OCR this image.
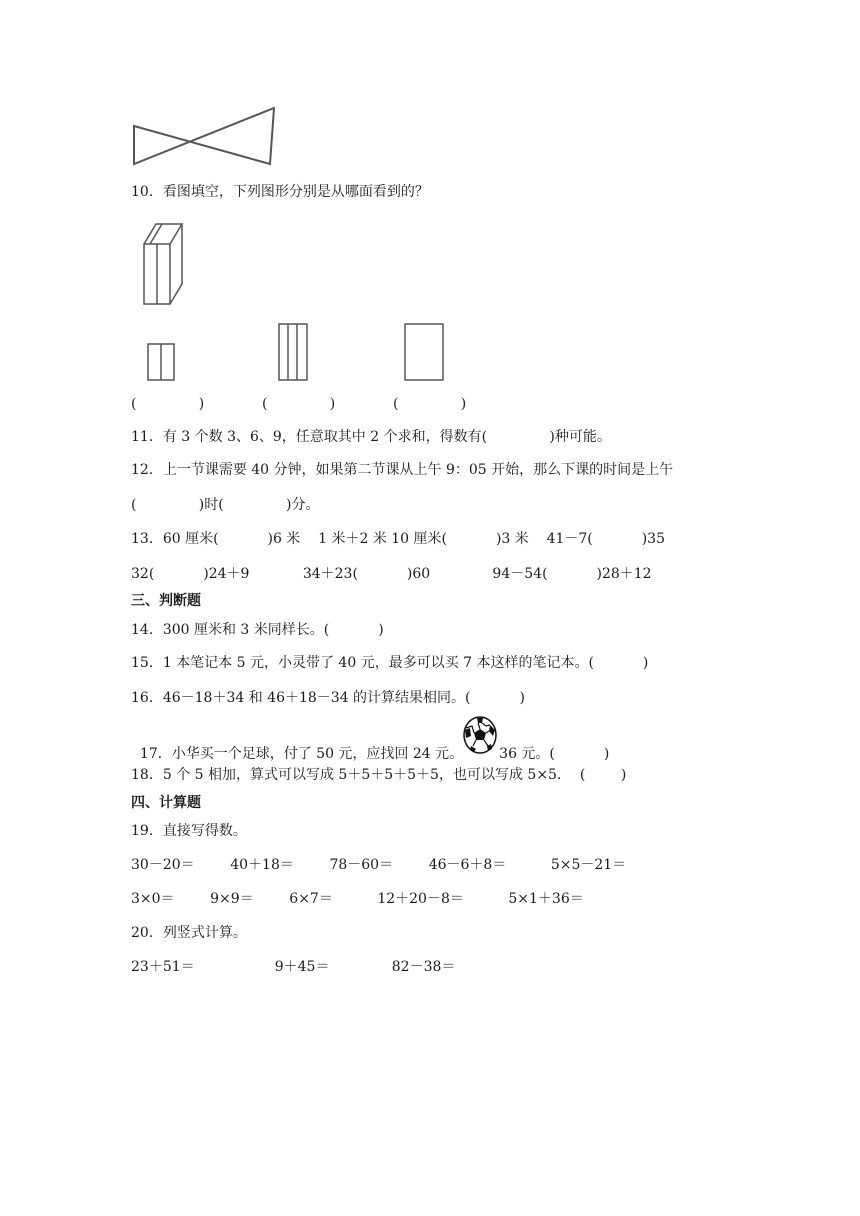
10．看图填空，下列图形分别是从哪面看到的？
(              )	(              )	(              )
11．有 3 个数 3、6、9，任意取其中 2 个求和，得数有(              )种可能。
12．上一节课需要 40 分钟，如果第二节课从上午 9：05 开始，那么下课的时间是上午
(              )时(              )分。
13．60 厘米(           )6 米    1 米＋2 米 10 厘米(           )3 米    41－7(           )35
32(           )24＋9            34＋23(           )60              94－54(           )28＋12
三、判断题
14．300 厘米和 3 米同样长。(           )
15．1 本笔记本 5 元，小灵带了 40 元，最多可以买 7 本这样的笔记本。(           )
16．46－18＋34 和 46＋18－34 的计算结果相同。(           )

17．小华买一个足球，付了 50 元，应找回 24 元。	36 元。(           )

18．5 个 5 相加，算式可以写成 5＋5＋5＋5＋5，也可以写成 5×5．  (        )
四、计算题
19．直接写得数。
30－20＝        40＋18＝        78－60＝        46－6＋8＝          5×5－21＝
3×0＝        9×9＝        6×7＝          12＋20－8＝          5×1＋36＝
20．列竖式计算。
23＋51＝                  9＋45＝              82－38＝
